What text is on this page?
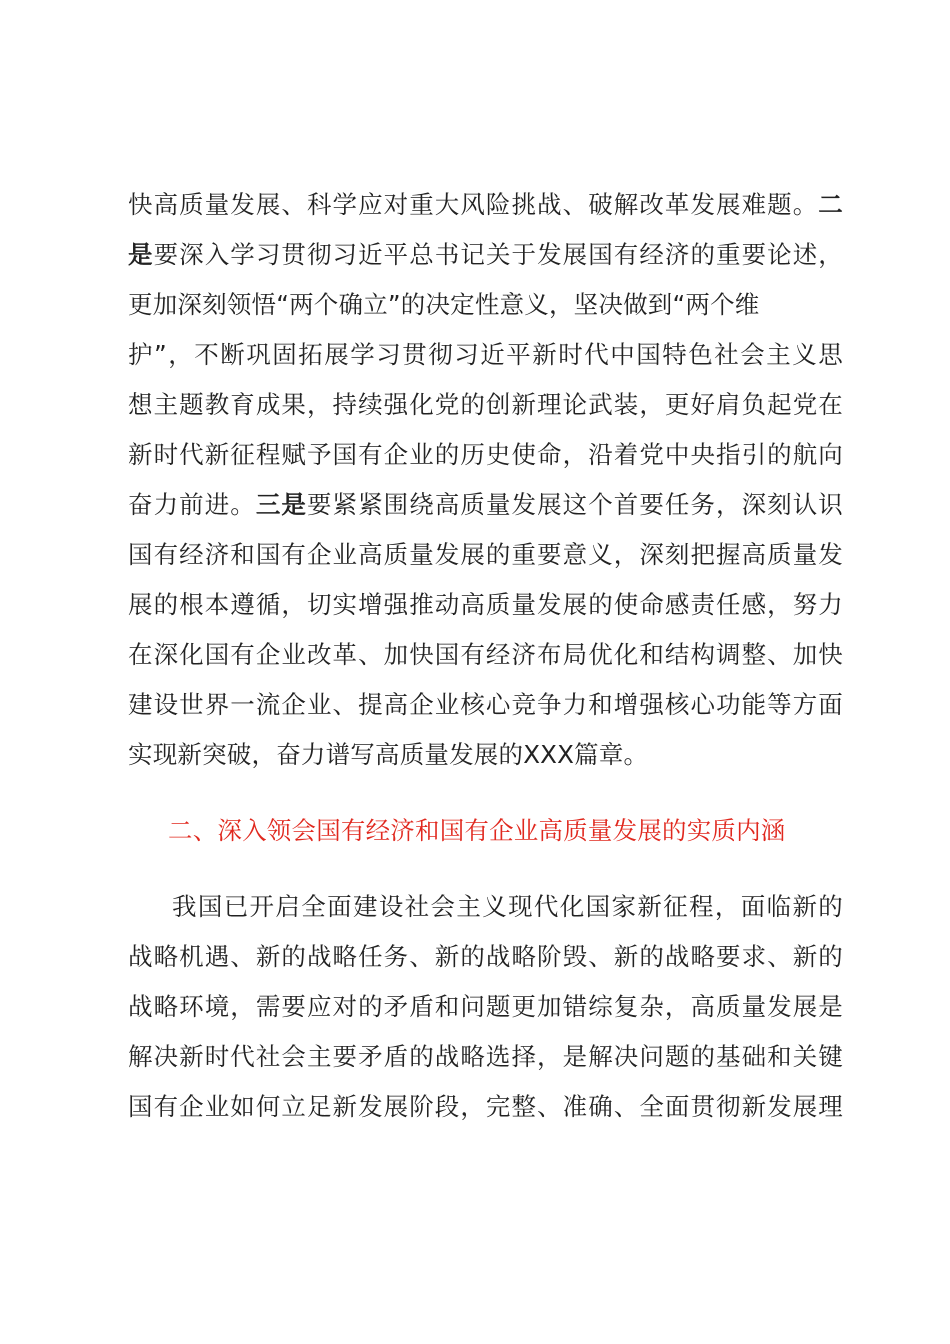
快高质量发展、科学应对重大风险挑战、破解改革发展难题。二
是要深入学习贯彻习近平总书记关于发展国有经济的重要论述，
更加深刻领悟“两个确立”的决定性意义，坚决做到“两个维
护”，不断巩固拓展学习贯彻习近平新时代中国特色社会主义思
想主题教育成果，持续强化党的创新理论武装，更好肩负起党在
新时代新征程赋予国有企业的历史使命，沿着党中央指引的航向
奋力前进。三是要紧紧围绕高质量发展这个首要任务，深刻认识
国有经济和国有企业高质量发展的重要意义，深刻把握高质量发
展的根本遵循，切实增强推动高质量发展的使命感责任感，努力
在深化国有企业改革、加快国有经济布局优化和结构调整、加快
建设世界一流企业、提高企业核心竞争力和增强核心功能等方面
实现新突破，奋力谱写高质量发展的XXX篇章。
二、深入领会国有经济和国有企业高质量发展的实质内涵
我国已开启全面建设社会主义现代化国家新征程，面临新的
战略机遇、新的战略任务、新的战略阶毁、新的战略要求、新的
战略环境，需要应对的矛盾和问题更加错综复杂，高质量发展是
解决新时代社会主要矛盾的战略选择，是解决问题的基础和关键
国有企业如何立足新发展阶段，完整、准确、全面贯彻新发展理
